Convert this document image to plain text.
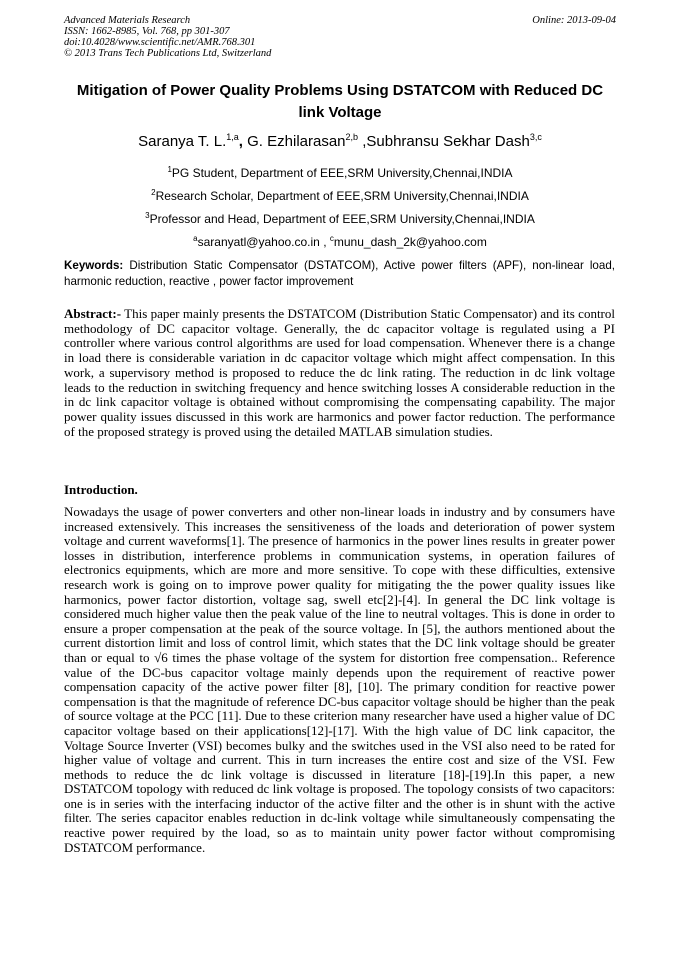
Advanced Materials Research
ISSN: 1662-8985, Vol. 768, pp 301-307
doi:10.4028/www.scientific.net/AMR.768.301
© 2013 Trans Tech Publications Ltd, Switzerland
Online: 2013-09-04
Mitigation of Power Quality Problems Using DSTATCOM with Reduced DC link Voltage
Saranya T. L.$^{1,a}$, G. Ezhilarasan$^{2,b}$ ,Subhransu Sekhar Dash$^{3,c}$
$^1$PG Student, Department of EEE,SRM University,Chennai,INDIA
$^2$Research Scholar, Department of EEE,SRM University,Chennai,INDIA
$^3$Professor and Head, Department of EEE,SRM University,Chennai,INDIA
$^a$saranyatl@yahoo.co.in , $^c$munu_dash_2k@yahoo.com
Keywords: Distribution Static Compensator (DSTATCOM), Active power filters (APF), non-linear load, harmonic reduction, reactive , power factor improvement
Abstract:- This paper mainly presents the DSTATCOM (Distribution Static Compensator) and its control methodology of DC capacitor voltage. Generally, the dc capacitor voltage is regulated using a PI controller where various control algorithms are used for load compensation. Whenever there is a change in load there is considerable variation in dc capacitor voltage which might affect compensation. In this work, a supervisory method is proposed to reduce the dc link rating. The reduction in dc link voltage leads to the reduction in switching frequency and hence switching losses A considerable reduction in the in dc link capacitor voltage is obtained without compromising the compensating capability. The major power quality issues discussed in this work are harmonics and power factor reduction. The performance of the proposed strategy is proved using the detailed MATLAB simulation studies.
Introduction.
Nowadays the usage of power converters and other non-linear loads in industry and by consumers have increased extensively. This increases the sensitiveness of the loads and deterioration of power system voltage and current waveforms[1]. The presence of harmonics in the power lines results in greater power losses in distribution, interference problems in communication systems, in operation failures of electronics equipments, which are more and more sensitive. To cope with these difficulties, extensive research work is going on to improve power quality for mitigating the the power quality issues like harmonics, power factor distortion, voltage sag, swell etc[2]-[4]. In general the DC link voltage is considered much higher value then the peak value of the line to neutral voltages. This is done in order to ensure a proper compensation at the peak of the source voltage. In [5], the authors mentioned about the current distortion limit and loss of control limit, which states that the DC link voltage should be greater than or equal to √6 times the phase voltage of the system for distortion free compensation.. Reference value of the DC-bus capacitor voltage mainly depends upon the requirement of reactive power compensation capacity of the active power filter [8], [10]. The primary condition for reactive power compensation is that the magnitude of reference DC-bus capacitor voltage should be higher than the peak of source voltage at the PCC [11]. Due to these criterion many researcher have used a higher value of DC capacitor voltage based on their applications[12]-[17]. With the high value of DC link capacitor, the Voltage Source Inverter (VSI) becomes bulky and the switches used in the VSI also need to be rated for higher value of voltage and current. This in turn increases the entire cost and size of the VSI. Few methods to reduce the dc link voltage is discussed in literature [18]-[19].In this paper, a new DSTATCOM topology with reduced dc link voltage is proposed. The topology consists of two capacitors: one is in series with the interfacing inductor of the active filter and the other is in shunt with the active filter. The series capacitor enables reduction in dc-link voltage while simultaneously compensating the reactive power required by the load, so as to maintain unity power factor without compromising DSTATCOM performance.
